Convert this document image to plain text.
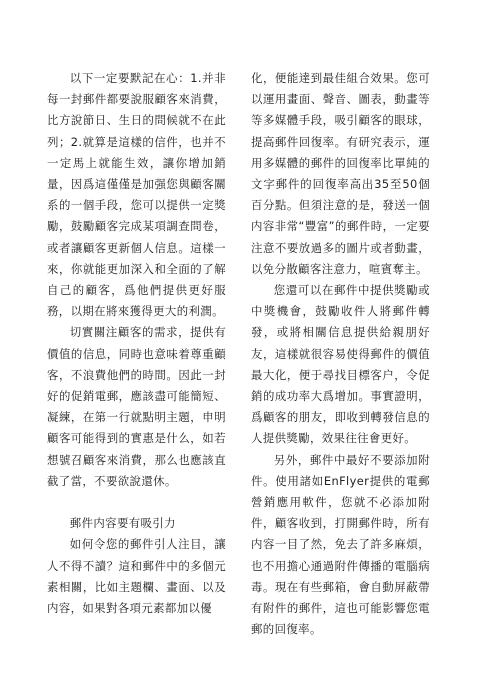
以下一定要默記在心：1.并非每一封郵件都要說服顧客來消費，比方說節日、生日的問候就不在此列；2.就算是這樣的信件，也并不一定馬上就能生效，讓你增加銷量，因爲這僅僅是加强您與顧客關系的一個手段，您可以提供一定獎勵，鼓勵顧客完成某項調查問卷，或者讓顧客更新個人信息。這樣一來，你就能更加深入和全面的了解自己的顧客，爲他們提供更好服務，以期在將來獲得更大的利潤。

切實關注顧客的需求，提供有價值的信息，同時也意味着尊重顧客，不浪費他們的時間。因此一封好的促銷電郵，應該盡可能簡短、凝練，在第一行就點明主題，申明顧客可能得到的實惠是什么，如若想號召顧客來消費，那么也應該直截了當，不要欲說還休。

郵件内容要有吸引力

如何令您的郵件引人注目，讓人不得不讀？這和郵件中的多個元素相關，比如主題欄、畫面、以及内容，如果對各項元素都加以優

化，便能達到最佳組合效果。您可以運用畫面、聲音、圖表，動畫等等多媒體手段，吸引顧客的眼球，提高郵件回復率。有研究表示，運用多媒體的郵件的回復率比單純的文字郵件的回復率高出35至50個百分點。但須注意的是，發送一個内容非常“豐富”的郵件時，一定要注意不要放過多的圖片或者動畫，以免分散顧客注意力，喧賓奪主。

您還可以在郵件中提供獎勵或中獎機會，鼓勵收件人將郵件轉發，或將相關信息提供給親朋好友，這樣就很容易使得郵件的價值最大化，便于尋找目標客户，令促銷的成功率大爲增加。事實證明，爲顧客的朋友，即收到轉發信息的人提供獎勵，效果往往會更好。

另外，郵件中最好不要添加附件。使用諸如EnFlyer提供的電郵營銷應用軟件，您就不必添加附件，顧客收到，打開郵件時，所有内容一目了然，免去了許多麻煩，也不用擔心通過附件傳播的電腦病毒。現在有些郵箱，會自動屏蔽帶有附件的郵件，這也可能影響您電郵的回復率。
